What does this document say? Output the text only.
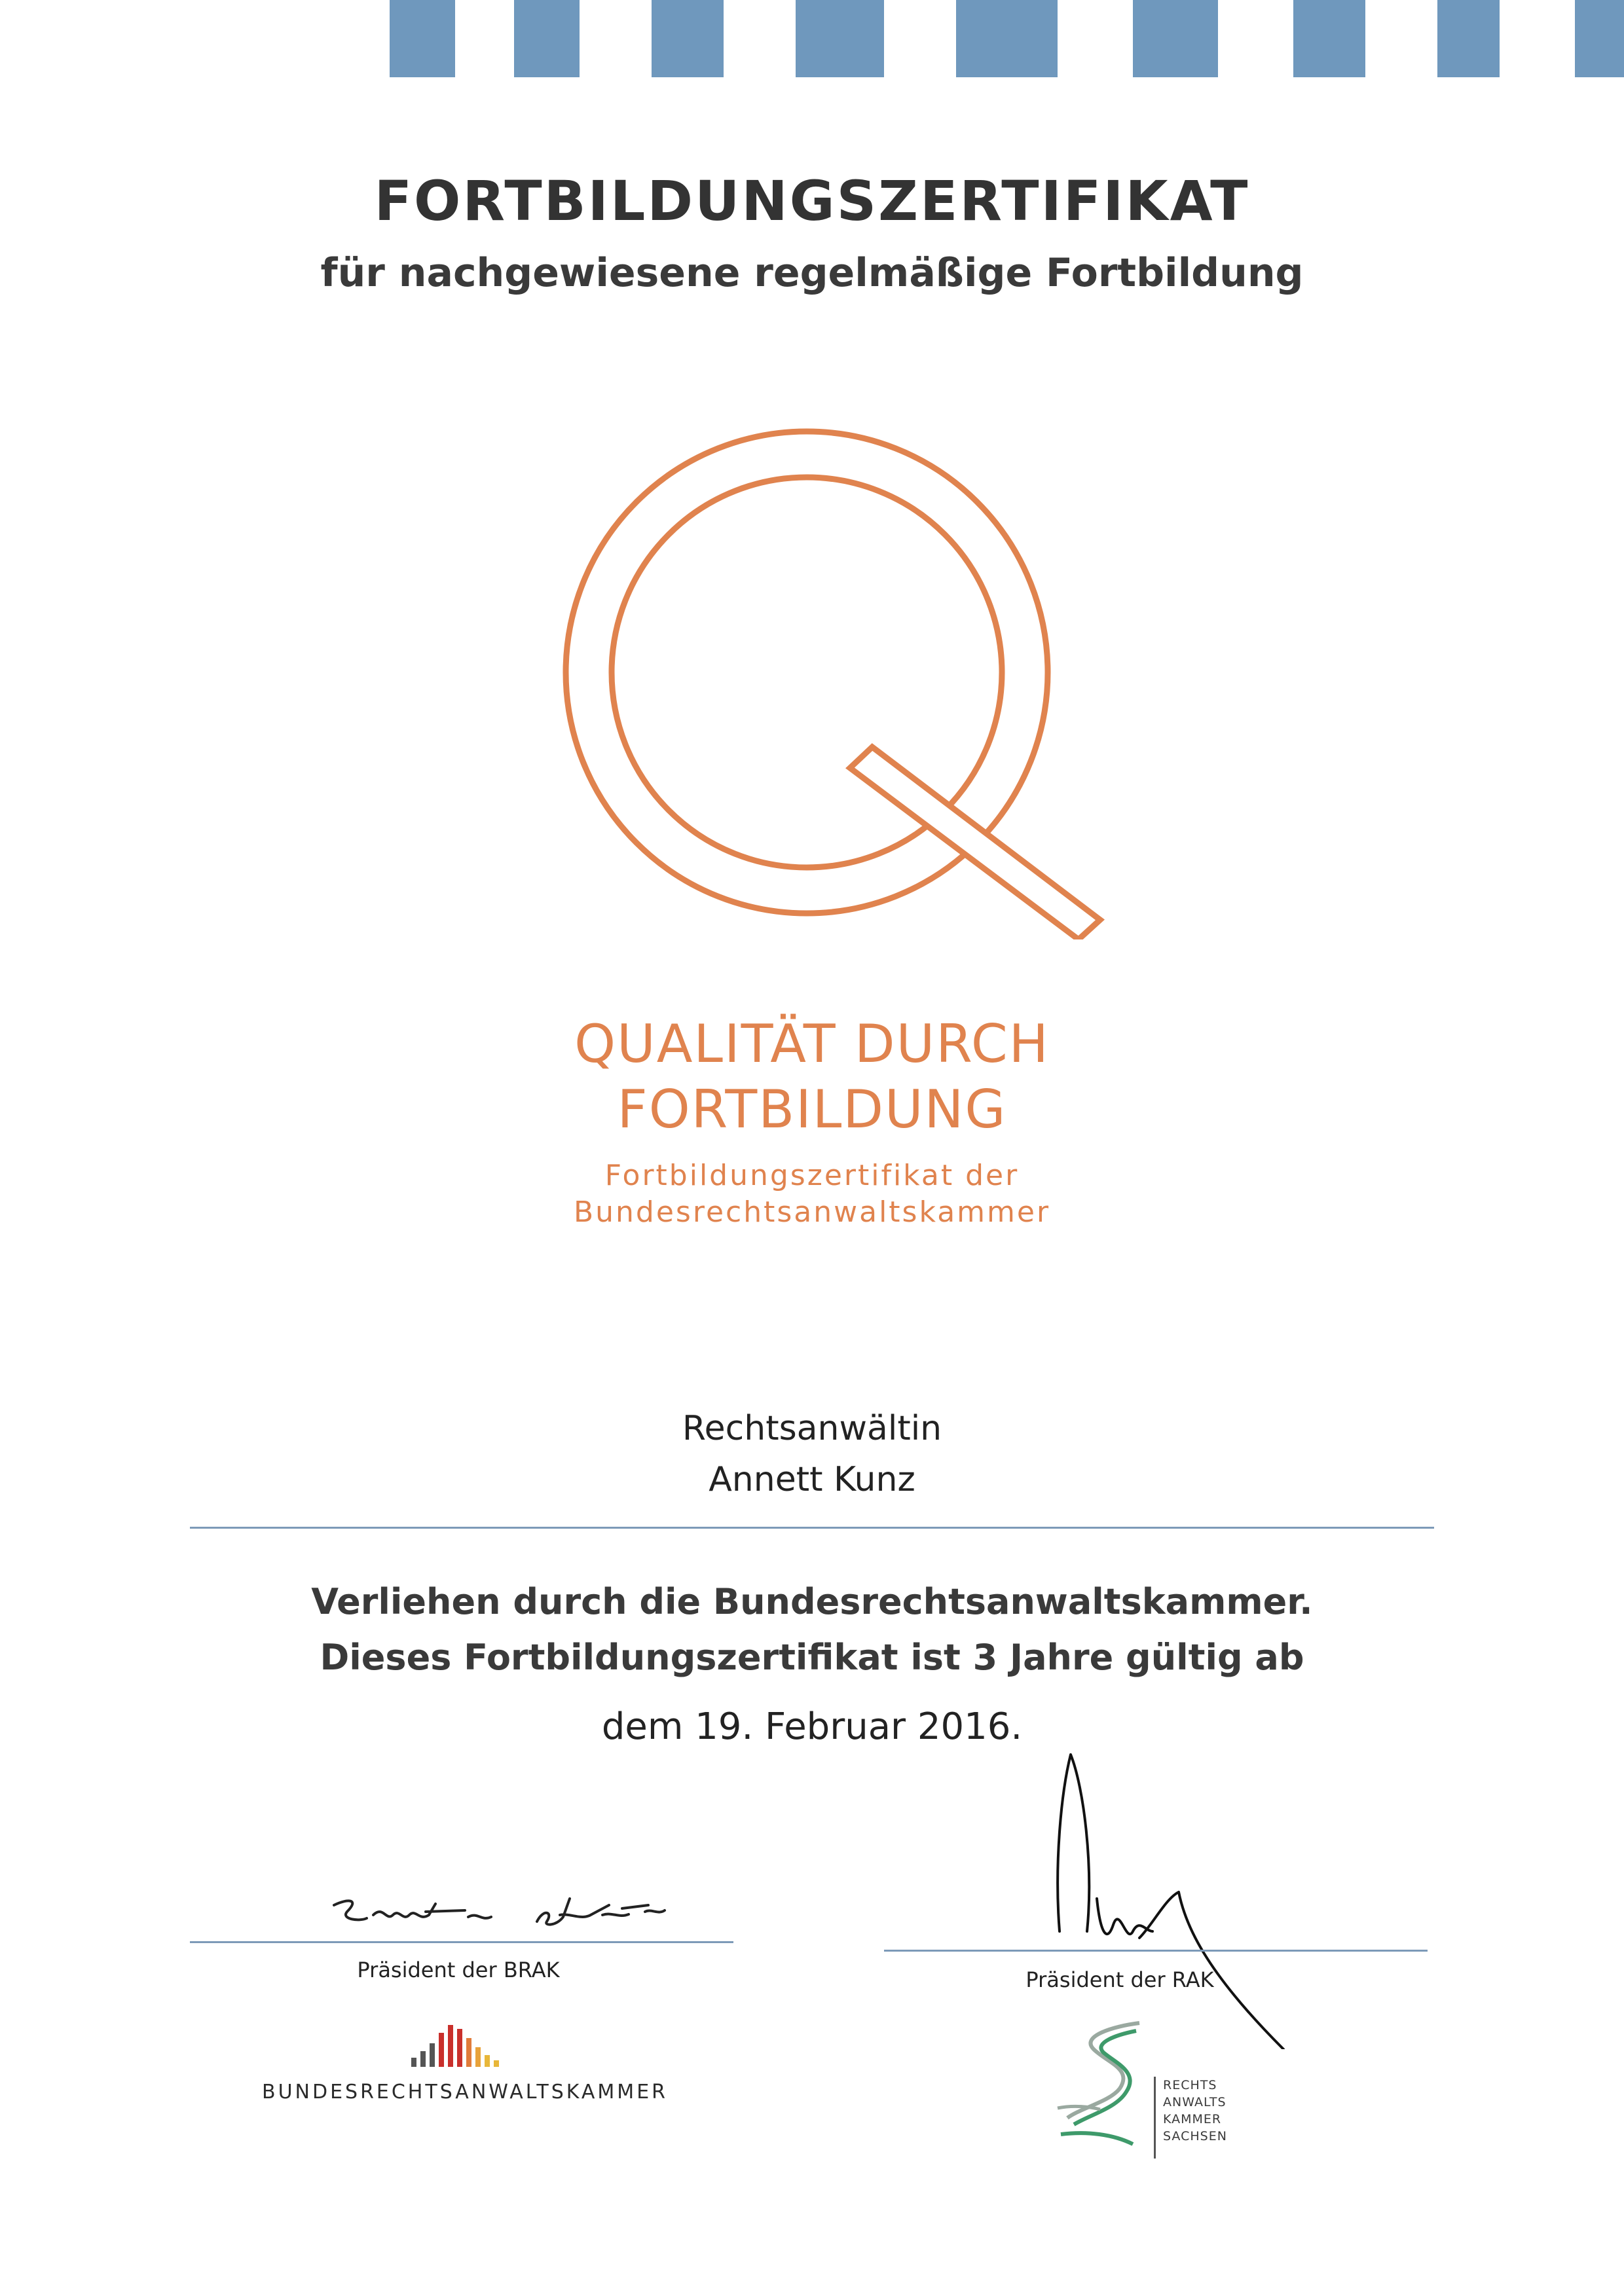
FORTBILDUNGSZERTIFIKAT
für nachgewiesene regelmäßige Fortbildung
QUALITÄT DURCH
FORTBILDUNG
Fortbildungszertifikat der
Bundesrechtsanwaltskammer
Rechtsanwältin
Annett Kunz
Verliehen durch die Bundesrechtsanwaltskammer.
Dieses Fortbildungszertifikat ist 3 Jahre gültig ab
dem 19. Februar 2016.
Präsident der BRAK	Präsident der RAK
BUNDESRECHTSANWALTSKAMMER	RECHTS
ANWALTS
KAMMER
SACHSEN
